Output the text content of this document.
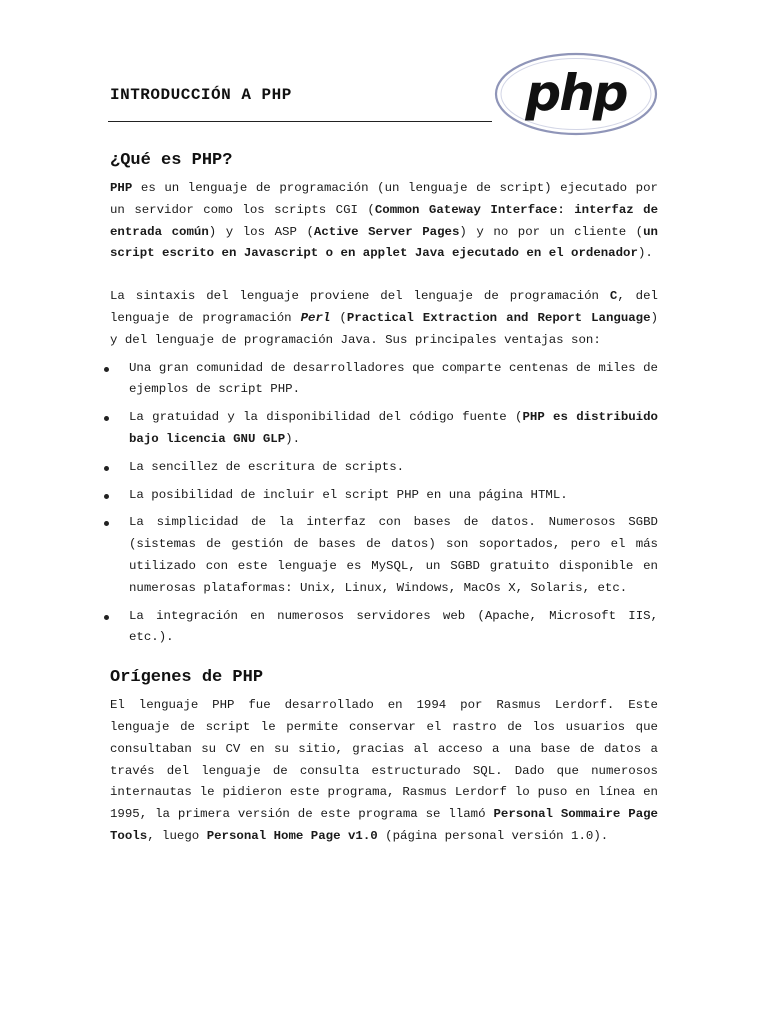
INTRODUCCIÓN A PHP	php
¿Qué es PHP?

PHP es un lenguaje de programación (un lenguaje de script) ejecutado por un servidor como los scripts CGI (Common Gateway Interface: interfaz de entrada común) y los ASP (Active Server Pages) y no por un cliente (un script escrito en Javascript o en applet Java ejecutado en el ordenador).

La sintaxis del lenguaje proviene del lenguaje de programación C, del lenguaje de programación Perl (Practical Extraction and Report Language) y del lenguaje de programación Java. Sus principales ventajas son:

Una gran comunidad de desarrolladores que comparte centenas de miles de ejemplos de script PHP.
La gratuidad y la disponibilidad del código fuente (PHP es distribuido bajo licencia GNU GLP).
La sencillez de escritura de scripts.
La posibilidad de incluir el script PHP en una página HTML.
La simplicidad de la interfaz con bases de datos. Numerosos SGBD (sistemas de gestión de bases de datos) son soportados, pero el más utilizado con este lenguaje es MySQL, un SGBD gratuito disponible en numerosas plataformas: Unix, Linux, Windows, MacOs X, Solaris, etc.
La integración en numerosos servidores web (Apache, Microsoft IIS, etc.).
Orígenes de PHP

El lenguaje PHP fue desarrollado en 1994 por Rasmus Lerdorf. Este lenguaje de script le permite conservar el rastro de los usuarios que consultaban su CV en su sitio, gracias al acceso a una base de datos a través del lenguaje de consulta estructurado SQL. Dado que numerosos internautas le pidieron este programa, Rasmus Lerdorf lo puso en línea en 1995, la primera versión de este programa se llamó Personal Sommaire Page Tools, luego Personal Home Page v1.0 (página personal versión 1.0).
